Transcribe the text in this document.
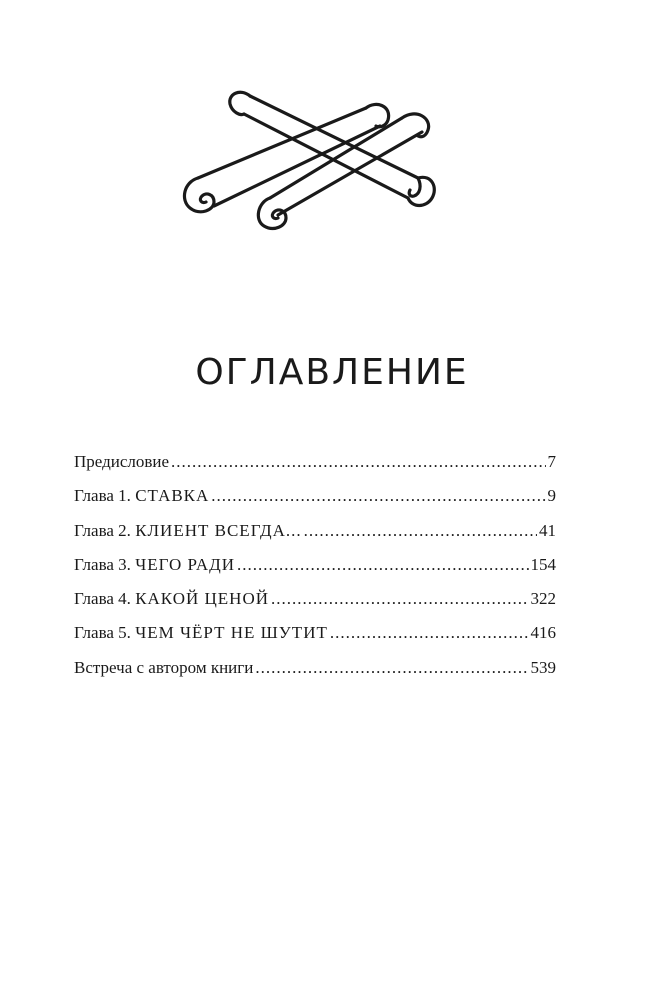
ОГЛАВЛЕНИЕ
Предисловие .....	7
Глава 1. СТАВКА .....	9
Глава 2. КЛИЕНТ ВСЕГДА... .....	41
Глава 3. ЧЕГО РАДИ .....	154
Глава 4. КАКОЙ ЦЕНОЙ .....	322
Глава 5. ЧЕМ ЧЁРТ НЕ ШУТИТ .....	416
Встреча с автором книги .....	539
